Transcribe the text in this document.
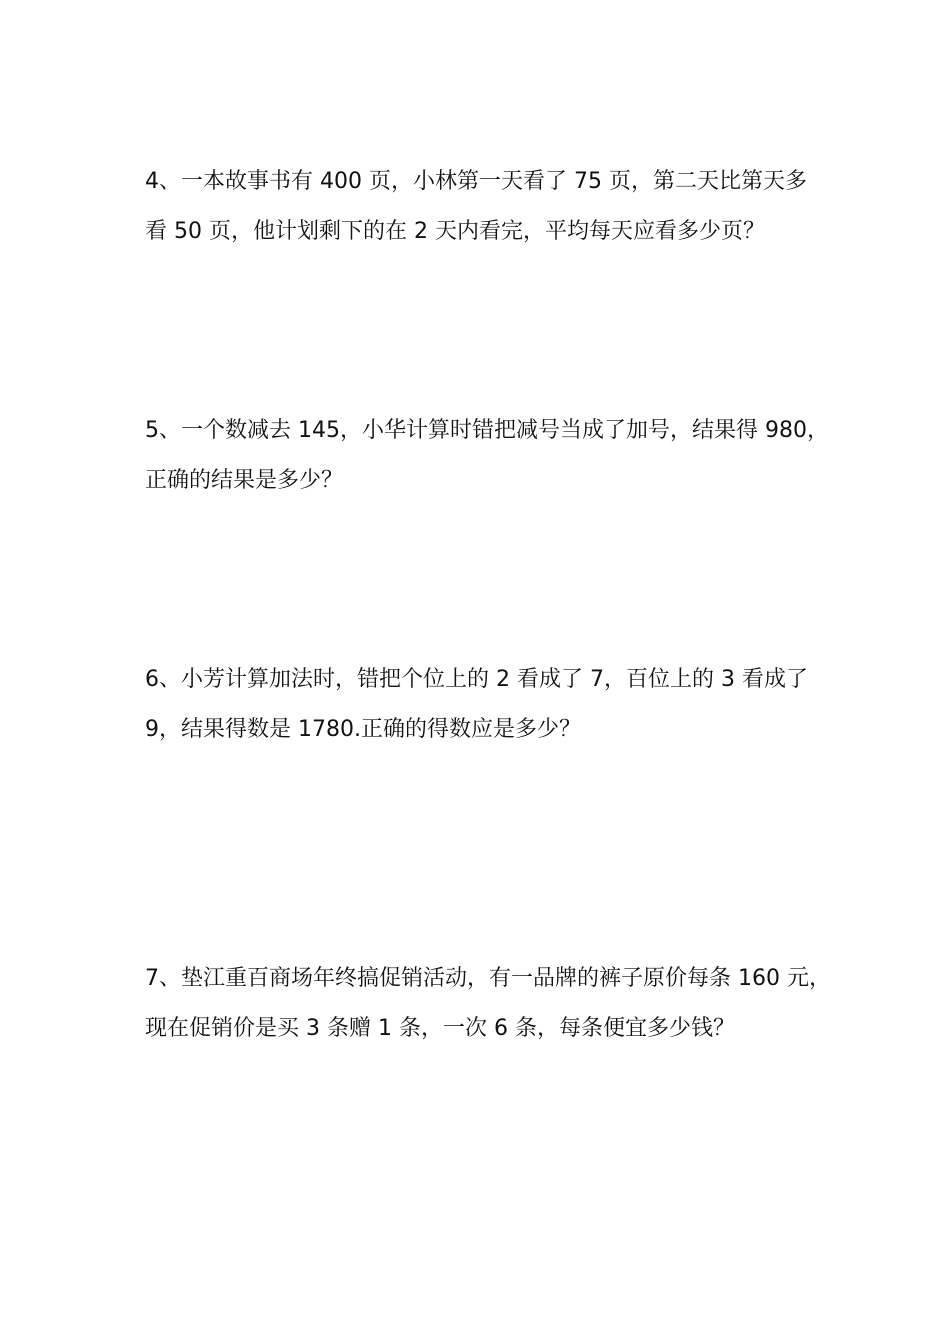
4、一本故事书有 400 页，小林第一天看了 75 页，第二天比第天多
看 50 页，他计划剩下的在 2 天内看完，平均每天应看多少页？
5、一个数减去 145，小华计算时错把减号当成了加号，结果得 980，
正确的结果是多少？
6、小芳计算加法时，错把个位上的 2 看成了 7，百位上的 3 看成了
9，结果得数是 1780.正确的得数应是多少？
7、垫江重百商场年终搞促销活动，有一品牌的裤子原价每条 160 元，
现在促销价是买 3 条赠 1 条，一次 6 条，每条便宜多少钱？
